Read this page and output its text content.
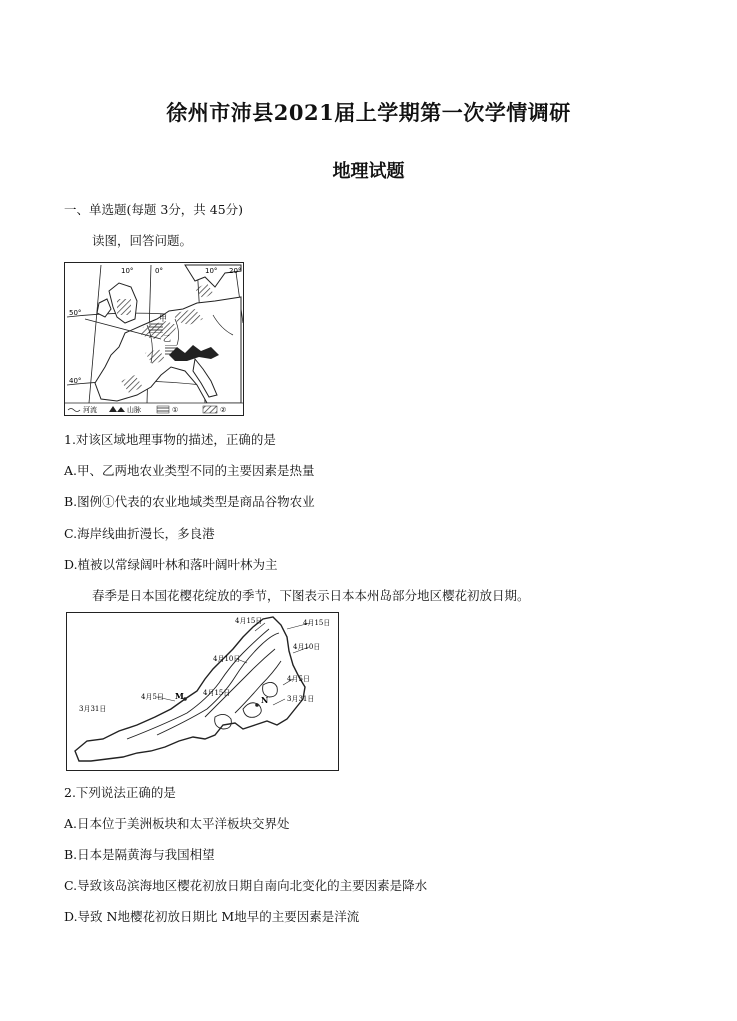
徐州市沛县2021届上学期第一次学情调研
地理试题
一、单选题(每题 3分，共 45分)
读图，回答问题。
10°	0°	10° 20°
50°
40°
甲
乙
河流	山脉	①	②
1.对该区域地理事物的描述，正确的是
A.甲、乙两地农业类型不同的主要因素是热量
B.图例①代表的农业地域类型是商品谷物农业
C.海岸线曲折漫长，多良港
D.植被以常绿阔叶林和落叶阔叶林为主
春季是日本国花樱花绽放的季节，下图表示日本本州岛部分地区樱花初放日期。
4月15日	4月15日
4月10日
4月10日
4月5日
4月5日	4月15日
3月31日
3月31日
M	N
2.下列说法正确的是
A.日本位于美洲板块和太平洋板块交界处
B.日本是隔黄海与我国相望
C.导致该岛滨海地区樱花初放日期自南向北变化的主要因素是降水
D.导致 N地樱花初放日期比 M地早的主要因素是洋流
